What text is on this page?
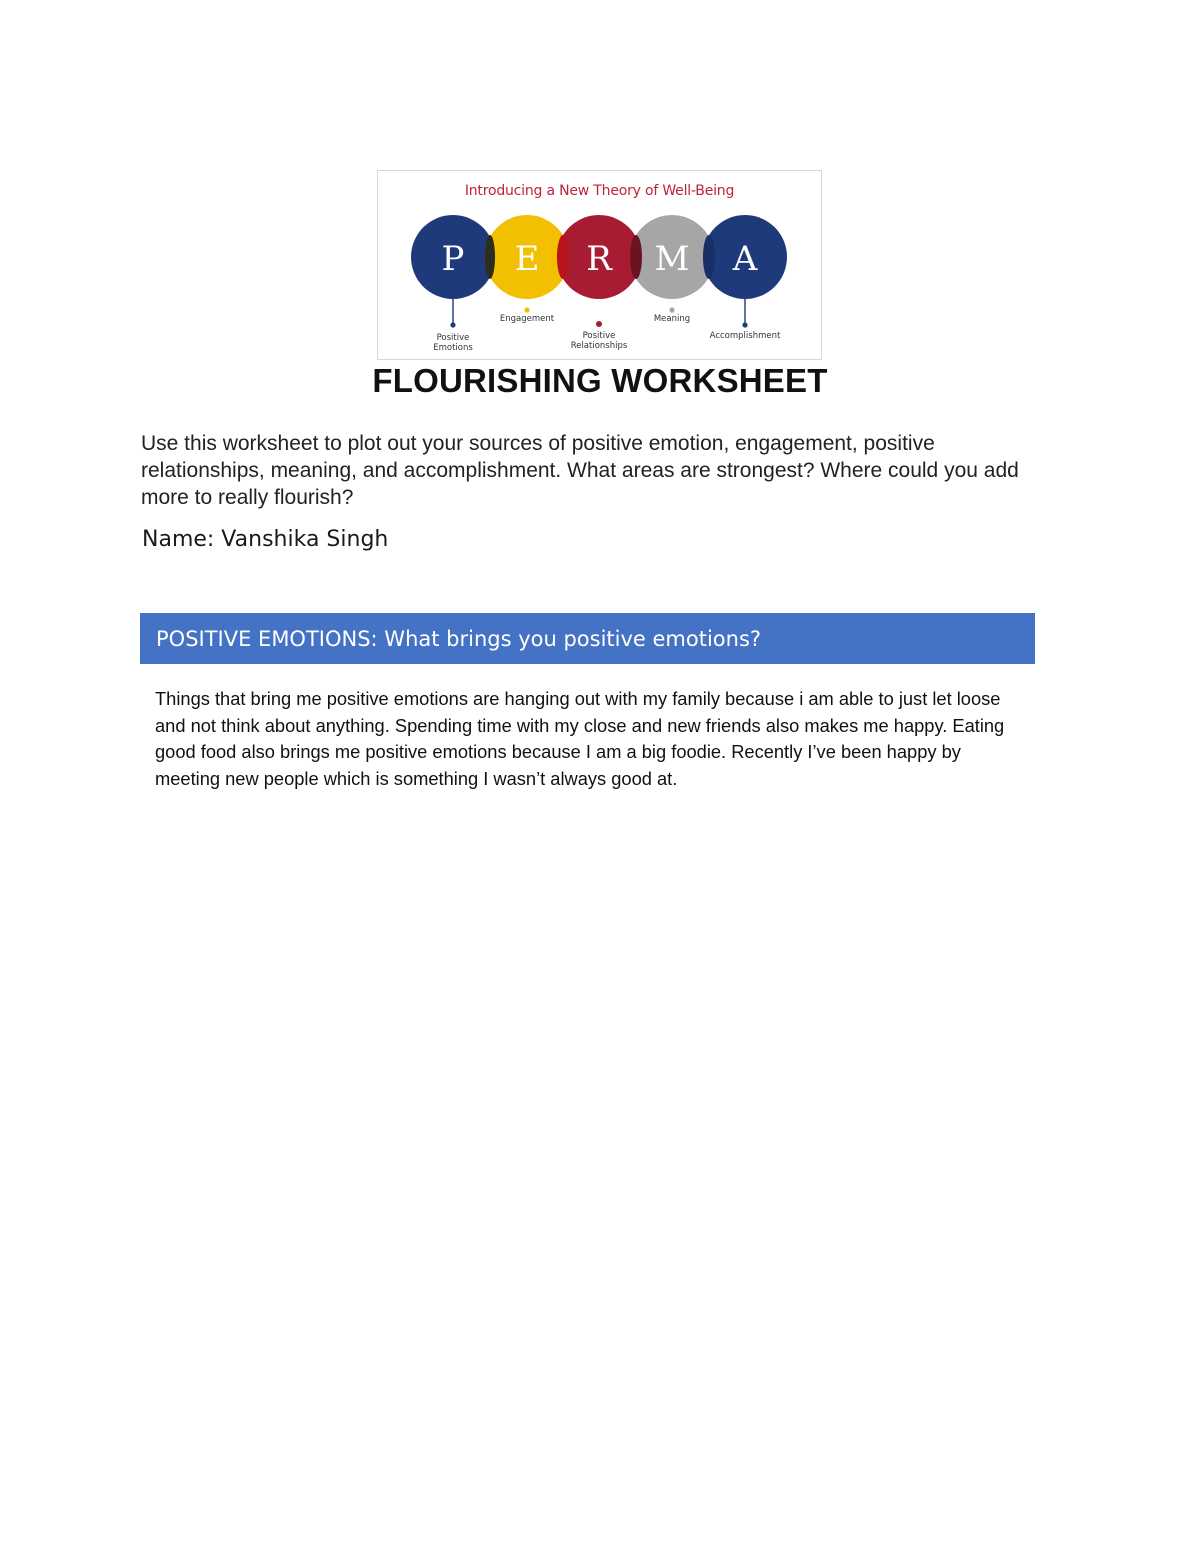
P E R M A
Introducing a New Theory of Well-Being
Positive Emotions
Engagement
Positive Relationships
Meaning
Accomplishment
FLOURISHING WORKSHEET

Use this worksheet to plot out your sources of positive emotion, engagement, positive relationships, meaning, and accomplishment. What areas are strongest? Where could you add more to really flourish?

Name: Vanshika Singh

POSITIVE EMOTIONS: What brings you positive emotions?

Things that bring me positive emotions are hanging out with my family because i am able to just let loose and not think about anything. Spending time with my close and new friends also makes me happy. Eating good food also brings me positive emotions because I am a big foodie. Recently I’ve been happy by meeting new people which is something I wasn’t always good at.
